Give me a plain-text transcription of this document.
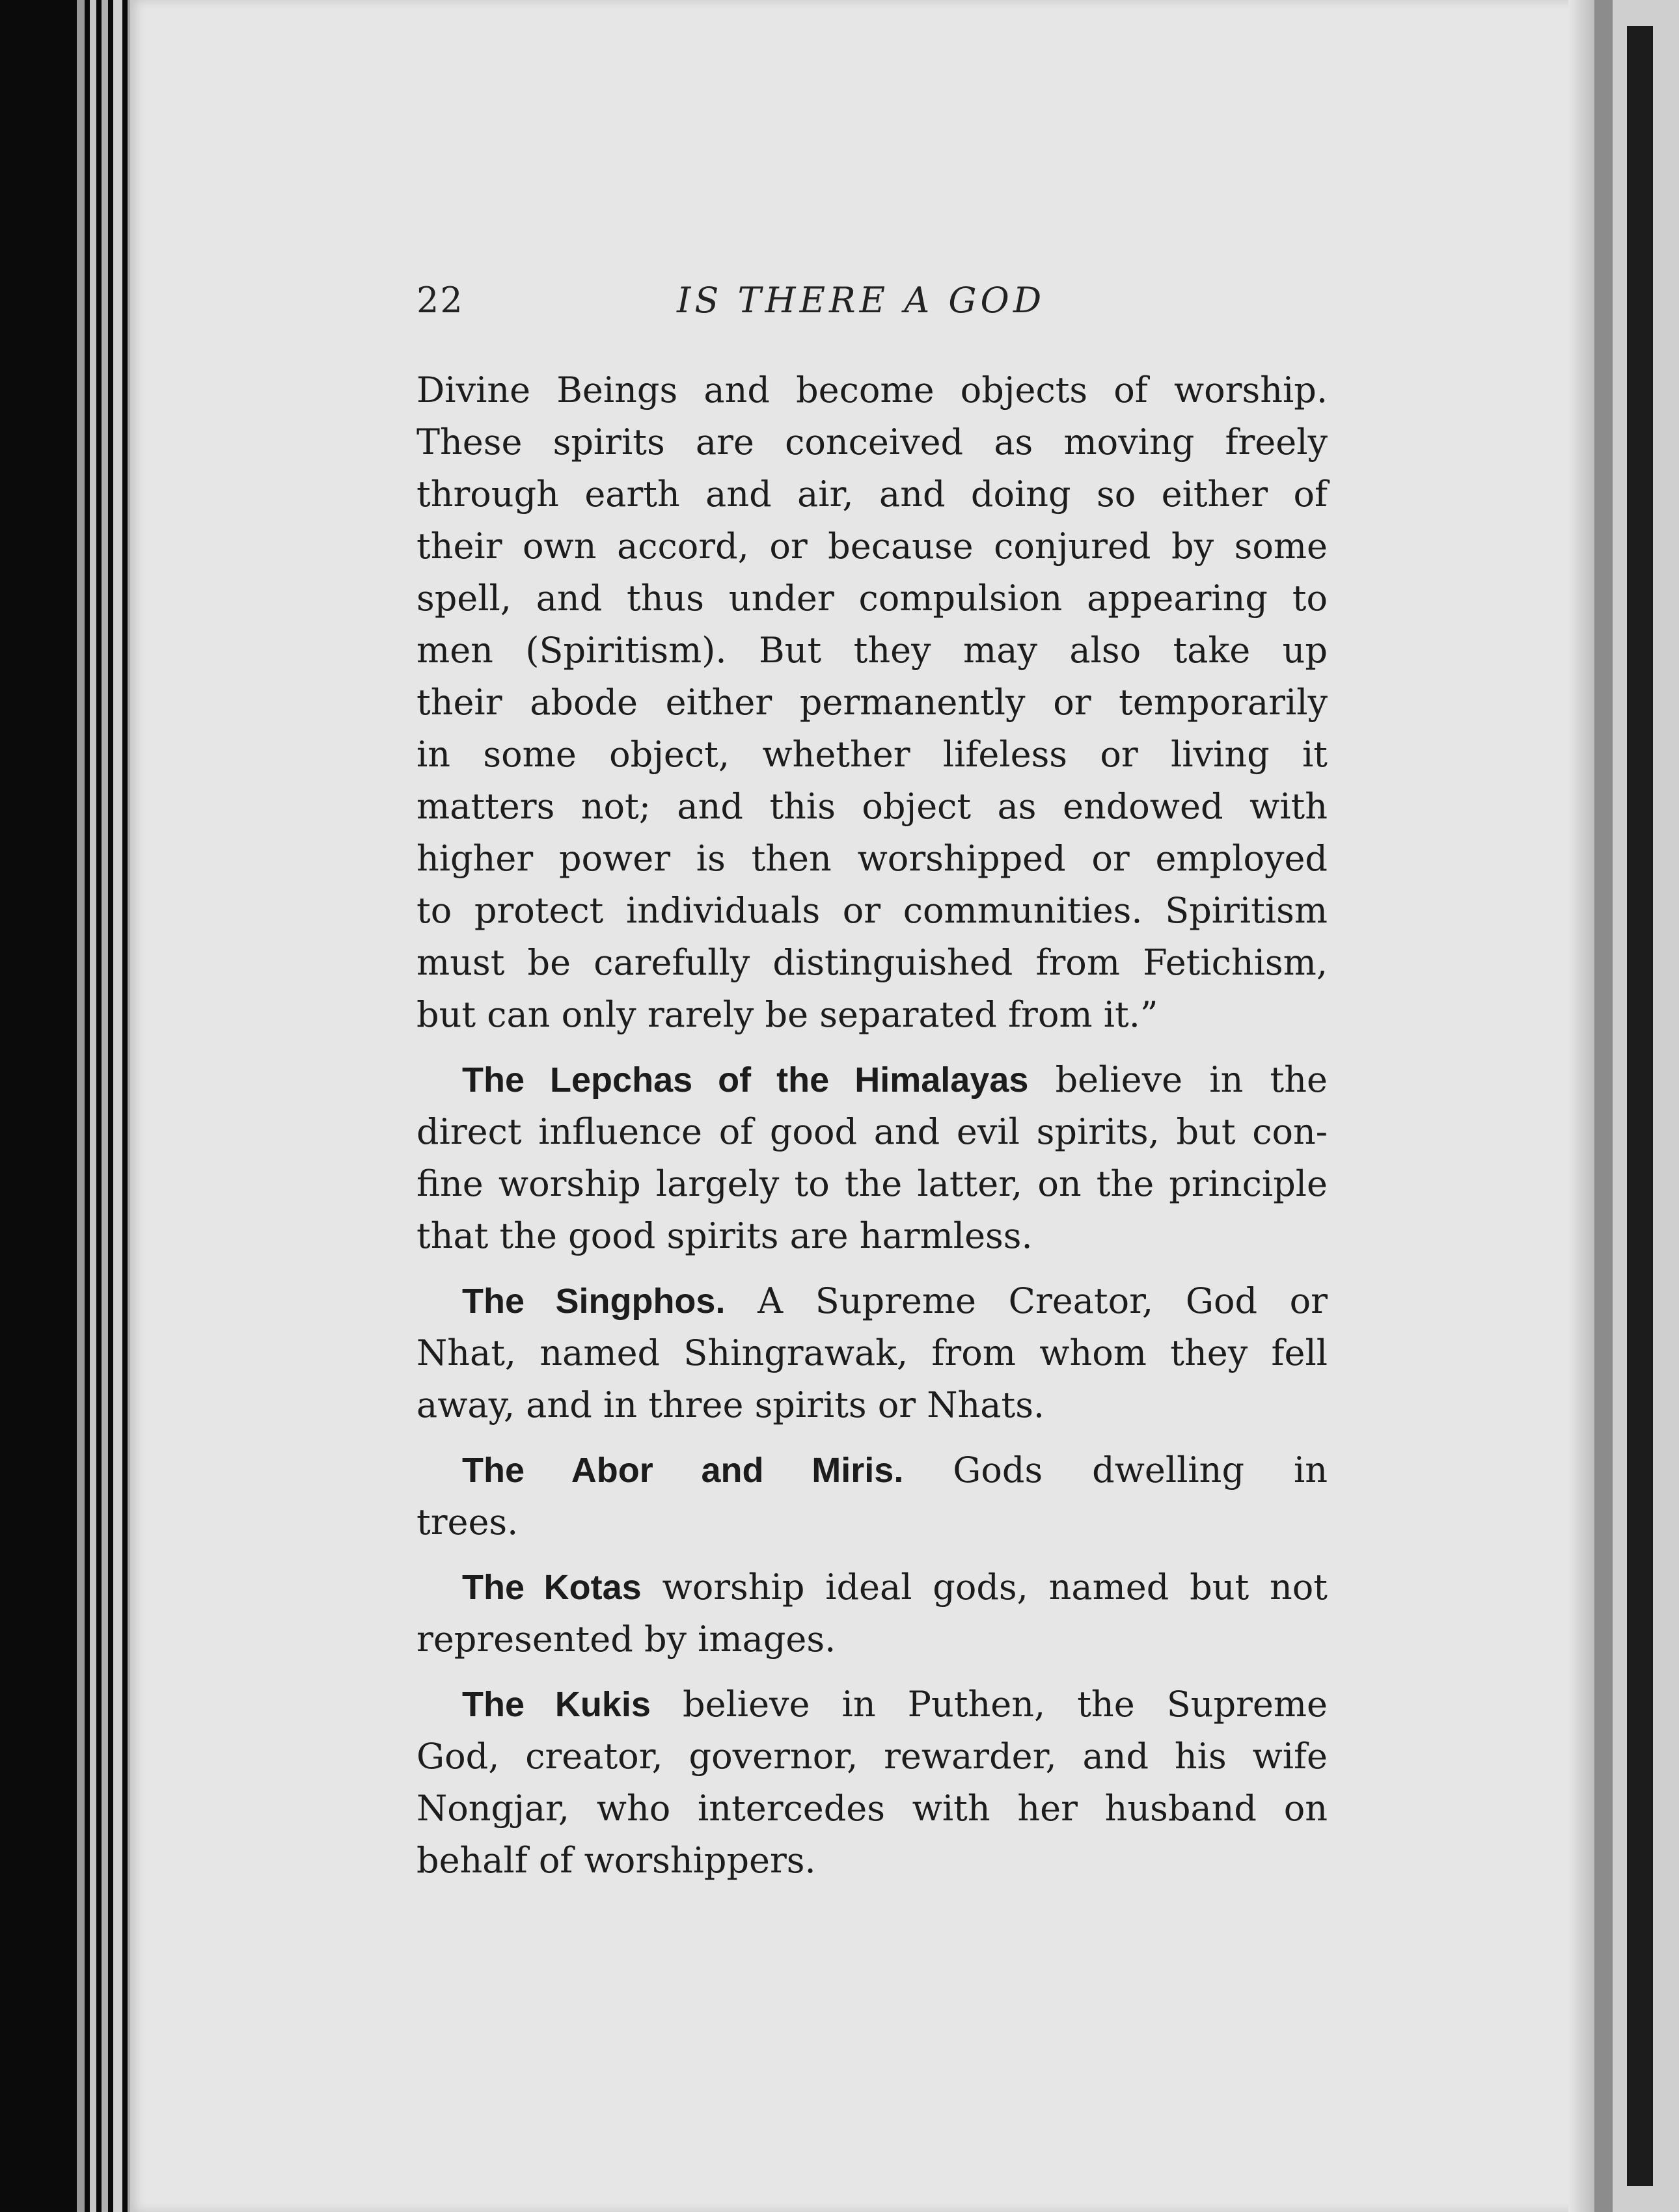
22	IS THERE A GOD
Divine Beings and become objects of worship.
These spirits are conceived as moving freely
through earth and air, and doing so either of
their own accord, or because conjured by some
spell, and thus under compulsion appearing to
men (Spiritism). But they may also take up
their abode either permanently or temporarily
in some object, whether lifeless or living it
matters not; and this object as endowed with
higher power is then worshipped or employed
to protect individuals or communities. Spiritism
must be carefully distinguished from Fetichism,
but can only rarely be separated from it.”
The Lepchas of the Himalayas believe in the
direct influence of good and evil spirits, but con-
fine worship largely to the latter, on the principle
that the good spirits are harmless.
The Singphos. A Supreme Creator, God or
Nhat, named Shingrawak, from whom they fell
away, and in three spirits or Nhats.
The Abor and Miris. Gods dwelling in
trees.
The Kotas worship ideal gods, named but not
represented by images.
The Kukis believe in Puthen, the Supreme
God, creator, governor, rewarder, and his wife
Nongjar, who intercedes with her husband on
behalf of worshippers.
